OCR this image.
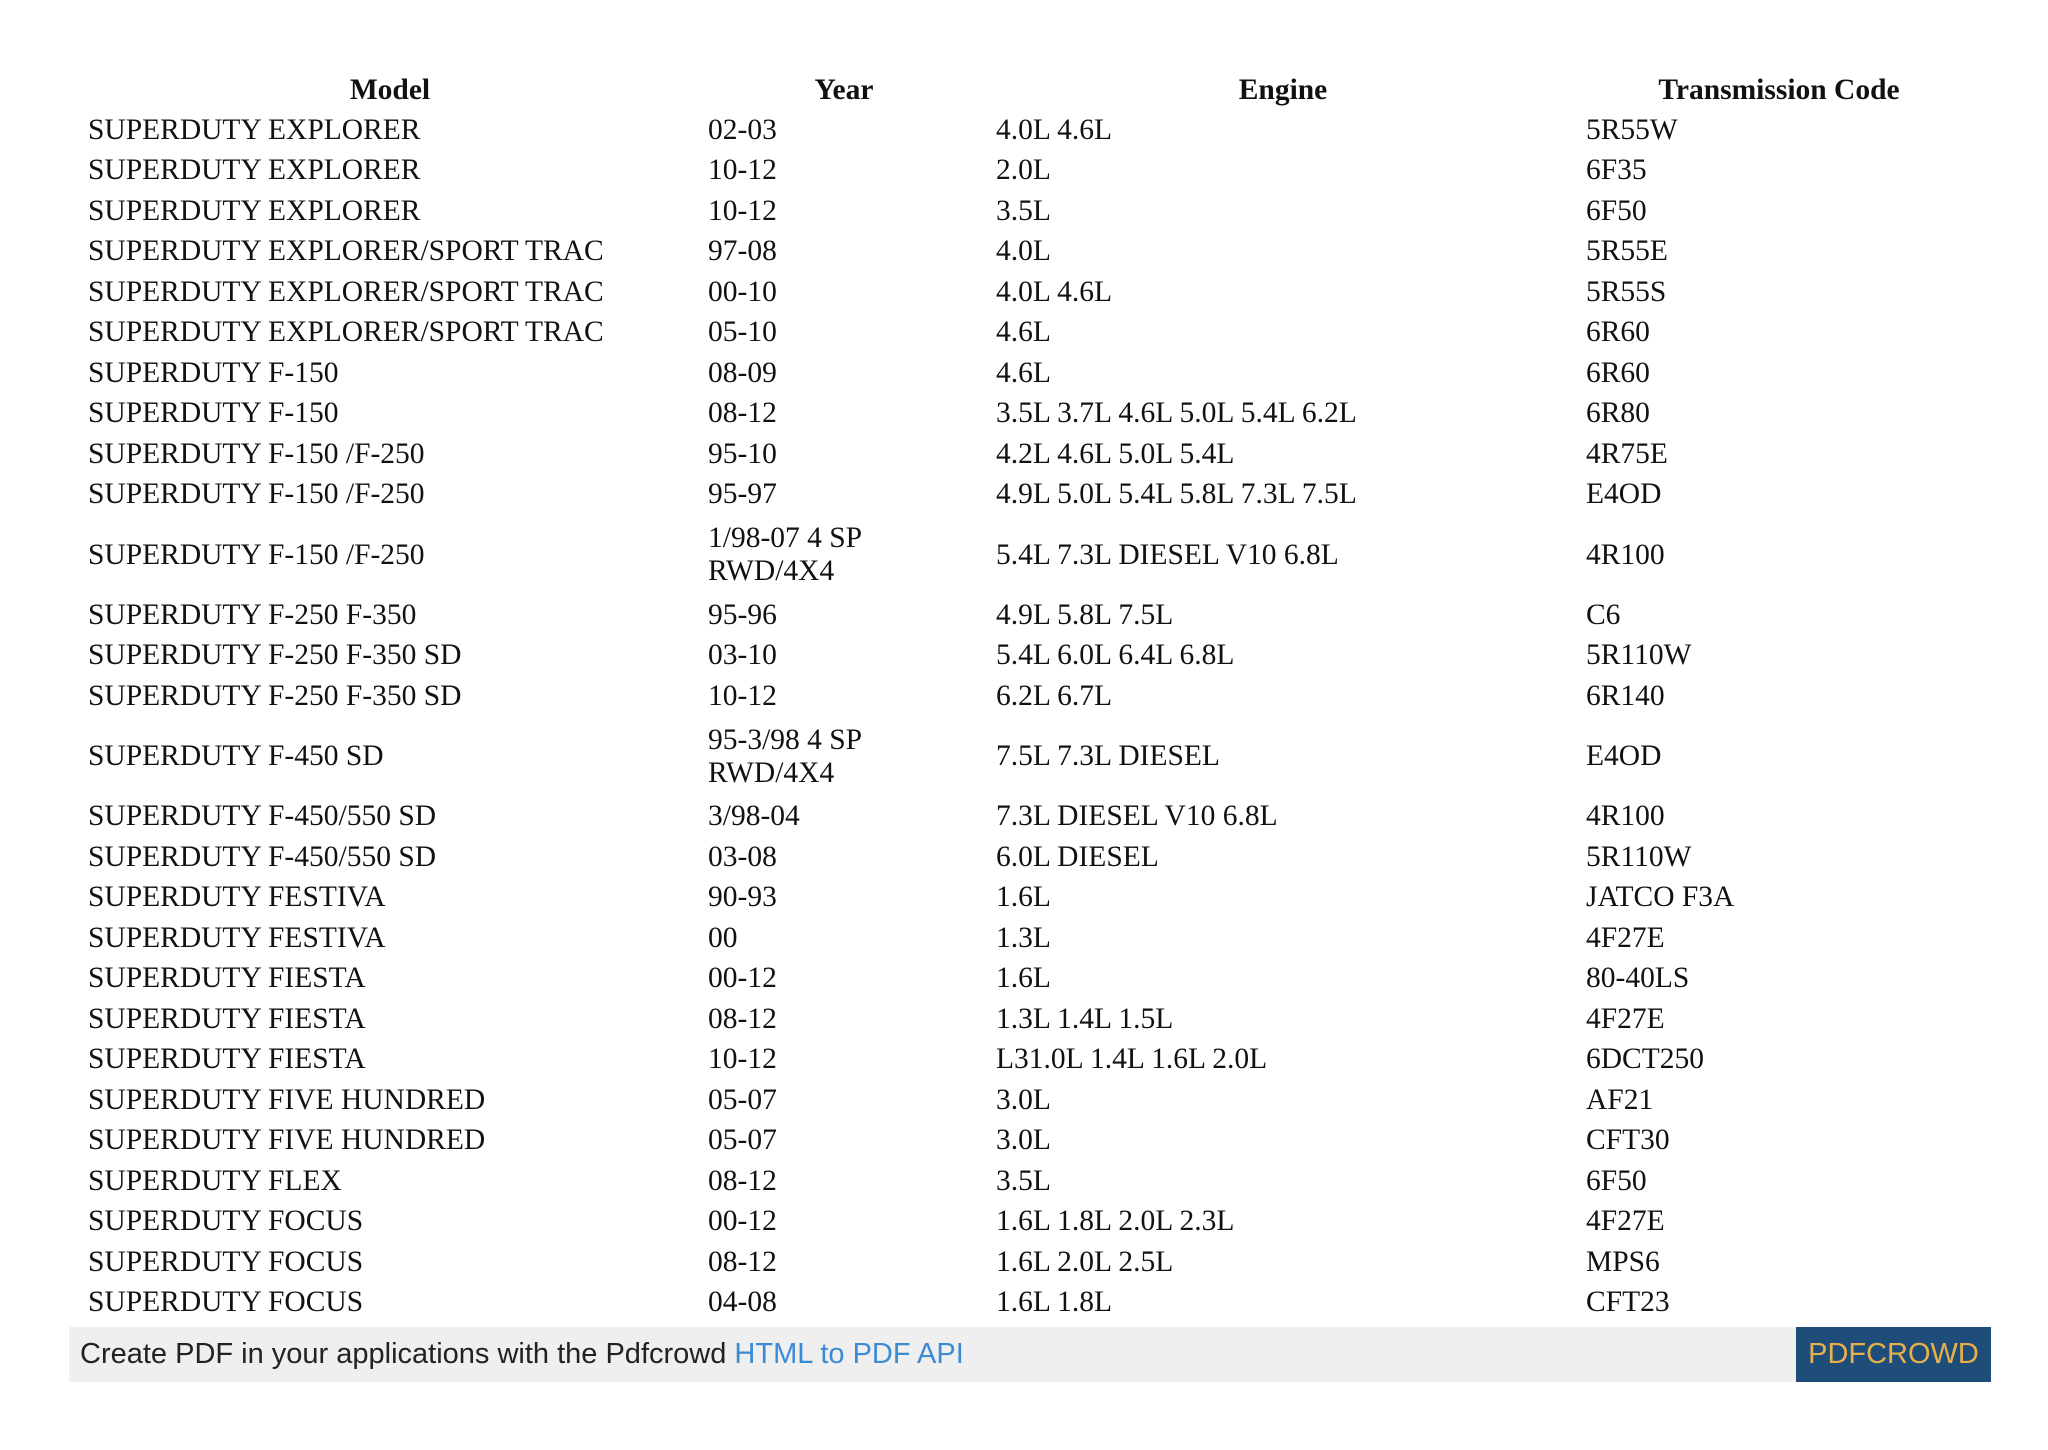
Model	Year	Engine	Transmission Code
SUPERDUTY EXPLORER	02-03	4.0L 4.6L	5R55W
SUPERDUTY EXPLORER	10-12	2.0L	6F35
SUPERDUTY EXPLORER	10-12	3.5L	6F50
SUPERDUTY EXPLORER/SPORT TRAC	97-08	4.0L	5R55E
SUPERDUTY EXPLORER/SPORT TRAC	00-10	4.0L 4.6L	5R55S
SUPERDUTY EXPLORER/SPORT TRAC	05-10	4.6L	6R60
SUPERDUTY F-150	08-09	4.6L	6R60
SUPERDUTY F-150	08-12	3.5L 3.7L 4.6L 5.0L 5.4L 6.2L	6R80
SUPERDUTY F-150 /F-250	95-10	4.2L 4.6L 5.0L 5.4L	4R75E
SUPERDUTY F-150 /F-250	95-97	4.9L 5.0L 5.4L 5.8L 7.3L 7.5L	E4OD
SUPERDUTY F-150 /F-250	1/98-07 4 SP RWD/4X4	5.4L 7.3L DIESEL V10 6.8L	4R100
SUPERDUTY F-250 F-350	95-96	4.9L 5.8L 7.5L	C6
SUPERDUTY F-250 F-350 SD	03-10	5.4L 6.0L 6.4L 6.8L	5R110W
SUPERDUTY F-250 F-350 SD	10-12	6.2L 6.7L	6R140
SUPERDUTY F-450 SD	95-3/98 4 SP RWD/4X4	7.5L 7.3L DIESEL	E4OD
SUPERDUTY F-450/550 SD	3/98-04	7.3L DIESEL V10 6.8L	4R100
SUPERDUTY F-450/550 SD	03-08	6.0L DIESEL	5R110W
SUPERDUTY FESTIVA	90-93	1.6L	JATCO F3A
SUPERDUTY FESTIVA	00	1.3L	4F27E
SUPERDUTY FIESTA	00-12	1.6L	80-40LS
SUPERDUTY FIESTA	08-12	1.3L 1.4L 1.5L	4F27E
SUPERDUTY FIESTA	10-12	L31.0L 1.4L 1.6L 2.0L	6DCT250
SUPERDUTY FIVE HUNDRED	05-07	3.0L	AF21
SUPERDUTY FIVE HUNDRED	05-07	3.0L	CFT30
SUPERDUTY FLEX	08-12	3.5L	6F50
SUPERDUTY FOCUS	00-12	1.6L 1.8L 2.0L 2.3L	4F27E
SUPERDUTY FOCUS	08-12	1.6L 2.0L 2.5L	MPS6
SUPERDUTY FOCUS	04-08	1.6L 1.8L	CFT23
Create PDF in your applications with the Pdfcrowd HTML to PDF API	PDFCROWD
